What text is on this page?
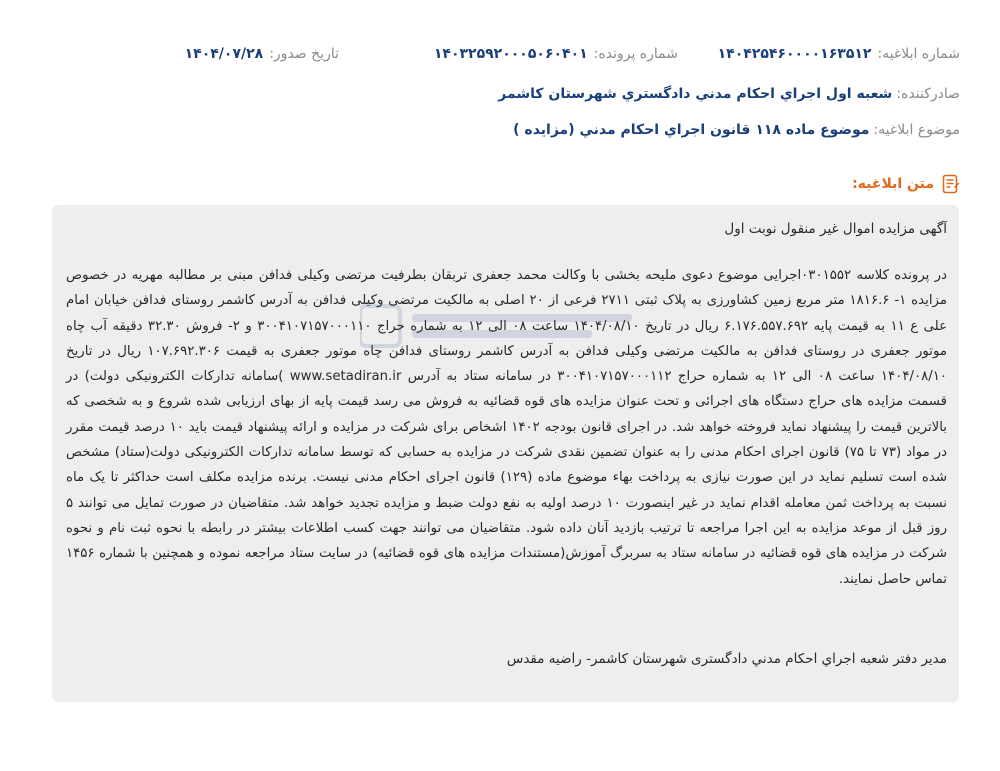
شماره ابلاغیه:۱۴۰۴۲۵۴۶۰۰۰۰۱۶۳۵۱۲
شماره پرونده:۱۴۰۳۲۵۹۲۰۰۰۵۰۶۰۴۰۱
تاریخ صدور:۱۴۰۴/۰۷/۲۸
صادرکننده:شعبه اول اجراي احکام مدني دادگستري شهرستان کاشمر
موضوع ابلاغیه:موضوع ماده ۱۱۸ قانون اجراي احکام مدني (مزايده )
متن ابلاغیه:
آگهی مزایده اموال غیر منقول نوبت اول
در پرونده کلاسه ۰۳۰۱۵۵۲اجرایی موضوع دعوی ملیحه بخشی با وکالت محمد جعفری تربقان بطرفیت مرتضی وکیلی فدافن مبنی بر مطالبه مهریه در خصوص مزایده ۱- ۱۸۱۶.۶ متر مربع زمین کشاورزی به پلاک ثبتی ۲۷۱۱ فرعی از ۲۰ اصلی به مالکیت مرتضی وکیلی فدافن به آدرس کاشمر روستای فدافن خیابان امام علی ع ۱۱ به قیمت پایه ۶.۱۷۶.۵۵۷.۶۹۲ ریال در تاریخ ۱۴۰۴/۰۸/۱۰ ساعت ۰۸ الی ۱۲ به شماره حراج ۳۰۰۴۱۰۷۱۵۷۰۰۰۱۱۰ و ۲- فروش ۳۲.۳۰ دقیقه آب چاه موتور جعفری در روستای فدافن به مالکیت مرتضی وکیلی فدافن به آدرس کاشمر روستای فدافن چاه موتور جعفری به قیمت ۱۰۷.۶۹۲.۳۰۶ ریال در تاریخ ۱۴۰۴/۰۸/۱۰ ساعت ۰۸ الی ۱۲ به شماره حراج ۳۰۰۴۱۰۷۱۵۷۰۰۰۱۱۲ در سامانه ستاد به آدرس www.setadiran.ir )سامانه تدارکات الکترونیکی دولت) در قسمت مزایده های حراج دستگاه های اجرائی و تحت عنوان مزایده های قوه قضائیه به فروش می رسد قیمت پایه از بهای ارزیابی شده شروع و به شخصی که بالاترین قیمت را پیشنهاد نماید فروخته خواهد شد. در اجرای قانون بودجه ۱۴۰۲ اشخاص برای شرکت در مزایده و ارائه پیشنهاد قیمت باید ۱۰ درصد قیمت مقرر در مواد (۷۳ تا ۷۵) قانون اجرای احکام مدنی را به عنوان تضمین نقدی شرکت در مزایده به حسابی که توسط سامانه تدارکات الکترونیکی دولت(ستاد) مشخص شده است تسلیم نماید در این صورت نیازی به پرداخت بهاء موضوع ماده (۱۲۹) قانون اجرای احکام مدنی نیست. برنده مزایده مکلف است حداکثر تا یک ماه نسبت به پرداخت ثمن معامله اقدام نماید در غیر اینصورت ۱۰ درصد اولیه به نفع دولت ضبط و مزایده تجدید خواهد شد. متقاضیان در صورت تمایل می توانند ۵ روز قبل از موعد مزایده به این اجرا مراجعه تا ترتیب بازدید آنان داده شود. متقاضیان می توانند جهت کسب اطلاعات بیشتر در رابطه با نحوه ثبت نام و نحوه شرکت در مزایده های قوه قضائیه در سامانه ستاد به سربرگ آموزش(مستندات مزایده های قوه قضائیه) در سایت ستاد مراجعه نموده و همچنین با شماره ۱۴۵۶ تماس حاصل نمایند.
مدیر دفتر شعبه اجراي احکام مدني دادگستری شهرستان کاشمر- راضیه مقدس
